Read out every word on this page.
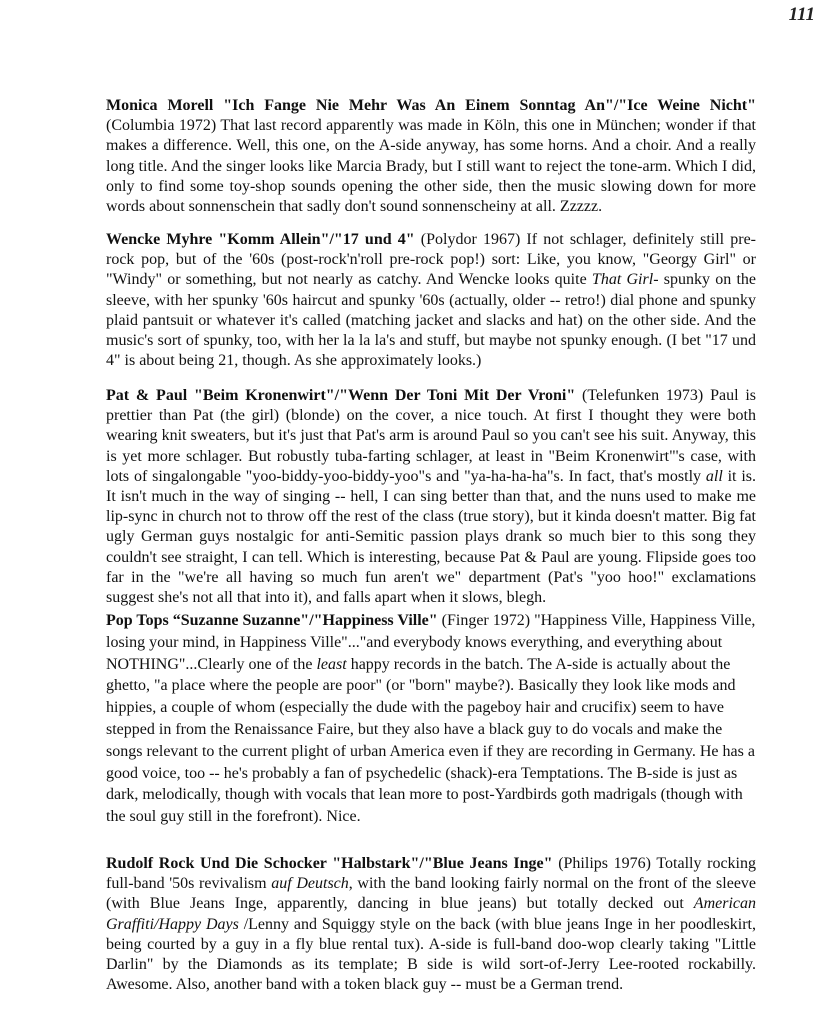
111

Monica Morell "Ich Fange Nie Mehr Was An Einem Sonntag An"/"Ice Weine Nicht" (Columbia 1972) That last record apparently was made in Köln, this one in München; wonder if that makes a difference. Well, this one, on the A-side anyway, has some horns. And a choir. And a really long title. And the singer looks like Marcia Brady, but I still want to reject the tone-arm. Which I did, only to find some toy-shop sounds opening the other side, then the music slowing down for more words about sonnenschein that sadly don't sound sonnenscheiny at all. Zzzzz.

Wencke Myhre "Komm Allein"/"17 und 4" (Polydor 1967) If not schlager, definitely still pre-rock pop, but of the '60s (post-rock'n'roll pre-rock pop!) sort: Like, you know, "Georgy Girl" or "Windy" or something, but not nearly as catchy. And Wencke looks quite That Girl- spunky on the sleeve, with her spunky '60s haircut and spunky '60s (actually, older -- retro!) dial phone and spunky plaid pantsuit or whatever it's called (matching jacket and slacks and hat) on the other side. And the music's sort of spunky, too, with her la la la's and stuff, but maybe not spunky enough. (I bet "17 und 4" is about being 21, though. As she approximately looks.)

Pat & Paul "Beim Kronenwirt"/"Wenn Der Toni Mit Der Vroni" (Telefunken 1973) Paul is prettier than Pat (the girl) (blonde) on the cover, a nice touch. At first I thought they were both wearing knit sweaters, but it's just that Pat's arm is around Paul so you can't see his suit. Anyway, this is yet more schlager. But robustly tuba-farting schlager, at least in "Beim Kronenwirt"'s case, with lots of singalongable "yoo-biddy-yoo-biddy-yoo"s and "ya-ha-ha-ha"s. In fact, that's mostly all it is. It isn't much in the way of singing -- hell, I can sing better than that, and the nuns used to make me lip-sync in church not to throw off the rest of the class (true story), but it kinda doesn't matter. Big fat ugly German guys nostalgic for anti-Semitic passion plays drank so much bier to this song they couldn't see straight, I can tell. Which is interesting, because Pat & Paul are young. Flipside goes too far in the "we're all having so much fun aren't we" department (Pat's "yoo hoo!" exclamations suggest she's not all that into it), and falls apart when it slows, blegh.

Pop Tops “Suzanne Suzanne"/"Happiness Ville" (Finger 1972) "Happiness Ville, Happiness Ville, losing your mind, in Happiness Ville"..."and everybody knows everything, and everything about NOTHING"...Clearly one of the least happy records in the batch. The A-side is actually about the ghetto, "a place where the people are poor" (or "born" maybe?). Basically they look like mods and hippies, a couple of whom (especially the dude with the pageboy hair and crucifix) seem to have stepped in from the Renaissance Faire, but they also have a black guy to do vocals and make the songs relevant to the current plight of urban America even if they are recording in Germany. He has a good voice, too -- he's probably a fan of psychedelic (shack)-era Temptations. The B-side is just as dark, melodically, though with vocals that lean more to post-Yardbirds goth madrigals (though with the soul guy still in the forefront). Nice.

Rudolf Rock Und Die Schocker "Halbstark"/"Blue Jeans Inge" (Philips 1976) Totally rocking full-band '50s revivalism auf Deutsch, with the band looking fairly normal on the front of the sleeve (with Blue Jeans Inge, apparently, dancing in blue jeans) but totally decked out American Graffiti/Happy Days /Lenny and Squiggy style on the back (with blue jeans Inge in her poodleskirt, being courted by a guy in a fly blue rental tux). A-side is full-band doo-wop clearly taking "Little Darlin" by the Diamonds as its template; B side is wild sort-of-Jerry Lee-rooted rockabilly. Awesome. Also, another band with a token black guy -- must be a German trend.
